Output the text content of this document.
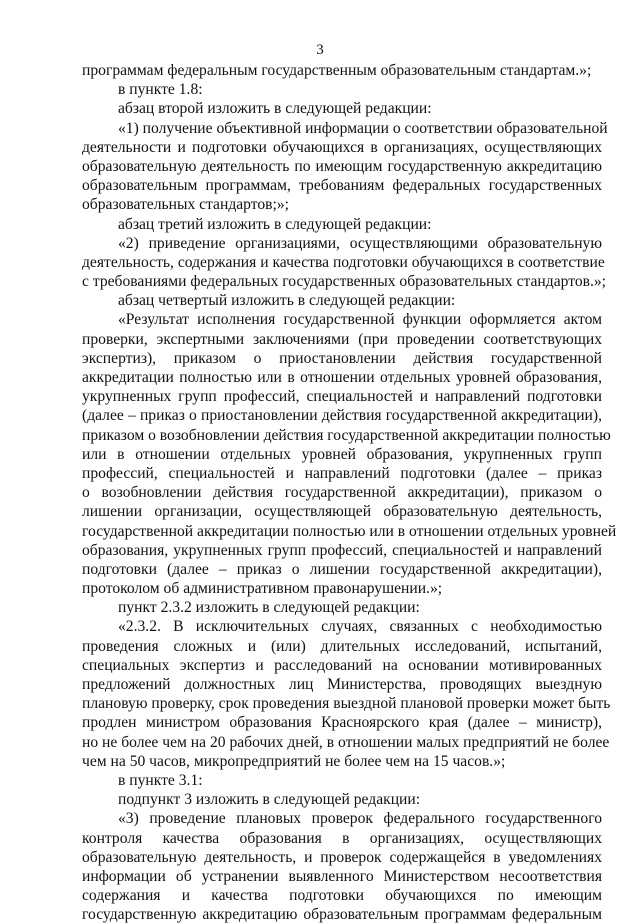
3
программам федеральным государственным образовательным стандартам.»;
в пункте 1.8:
абзац второй изложить в следующей редакции:
«1) получение объективной информации о соответствии образовательной
деятельности и подготовки обучающихся в организациях, осуществляющих
образовательную деятельность по имеющим государственную аккредитацию
образовательным программам, требованиям федеральных государственных
образовательных стандартов;»;
абзац третий изложить в следующей редакции:
«2) приведение организациями, осуществляющими образовательную
деятельность, содержания и качества подготовки обучающихся в соответствие
с требованиями федеральных государственных образовательных стандартов.»;
абзац четвертый изложить в следующей редакции:
«Результат исполнения государственной функции оформляется актом
проверки, экспертными заключениями (при проведении соответствующих
экспертиз), приказом о приостановлении действия государственной
аккредитации полностью или в отношении отдельных уровней образования,
укрупненных групп профессий, специальностей и направлений подготовки
(далее – приказ о приостановлении действия государственной аккредитации),
приказом о возобновлении действия государственной аккредитации полностью
или в отношении отдельных уровней образования, укрупненных групп
профессий, специальностей и направлений подготовки (далее – приказ
о возобновлении действия государственной аккредитации), приказом о
лишении организации, осуществляющей образовательную деятельность,
государственной аккредитации полностью или в отношении отдельных уровней
образования, укрупненных групп профессий, специальностей и направлений
подготовки (далее – приказ о лишении государственной аккредитации),
протоколом об административном правонарушении.»;
пункт 2.3.2 изложить в следующей редакции:
«2.3.2. В исключительных случаях, связанных с необходимостью
проведения сложных и (или) длительных исследований, испытаний,
специальных экспертиз и расследований на основании мотивированных
предложений должностных лиц Министерства, проводящих выездную
плановую проверку, срок проведения выездной плановой проверки может быть
продлен министром образования Красноярского края (далее – министр),
но не более чем на 20 рабочих дней, в отношении малых предприятий не более
чем на 50 часов, микропредприятий не более чем на 15 часов.»;
в пункте 3.1:
подпункт 3 изложить в следующей редакции:
«3) проведение плановых проверок федерального государственного
контроля качества образования в организациях, осуществляющих
образовательную деятельность, и проверок содержащейся в уведомлениях
информации об устранении выявленного Министерством несоответствия
содержания и качества подготовки обучающихся по имеющим
государственную аккредитацию образовательным программам федеральным
